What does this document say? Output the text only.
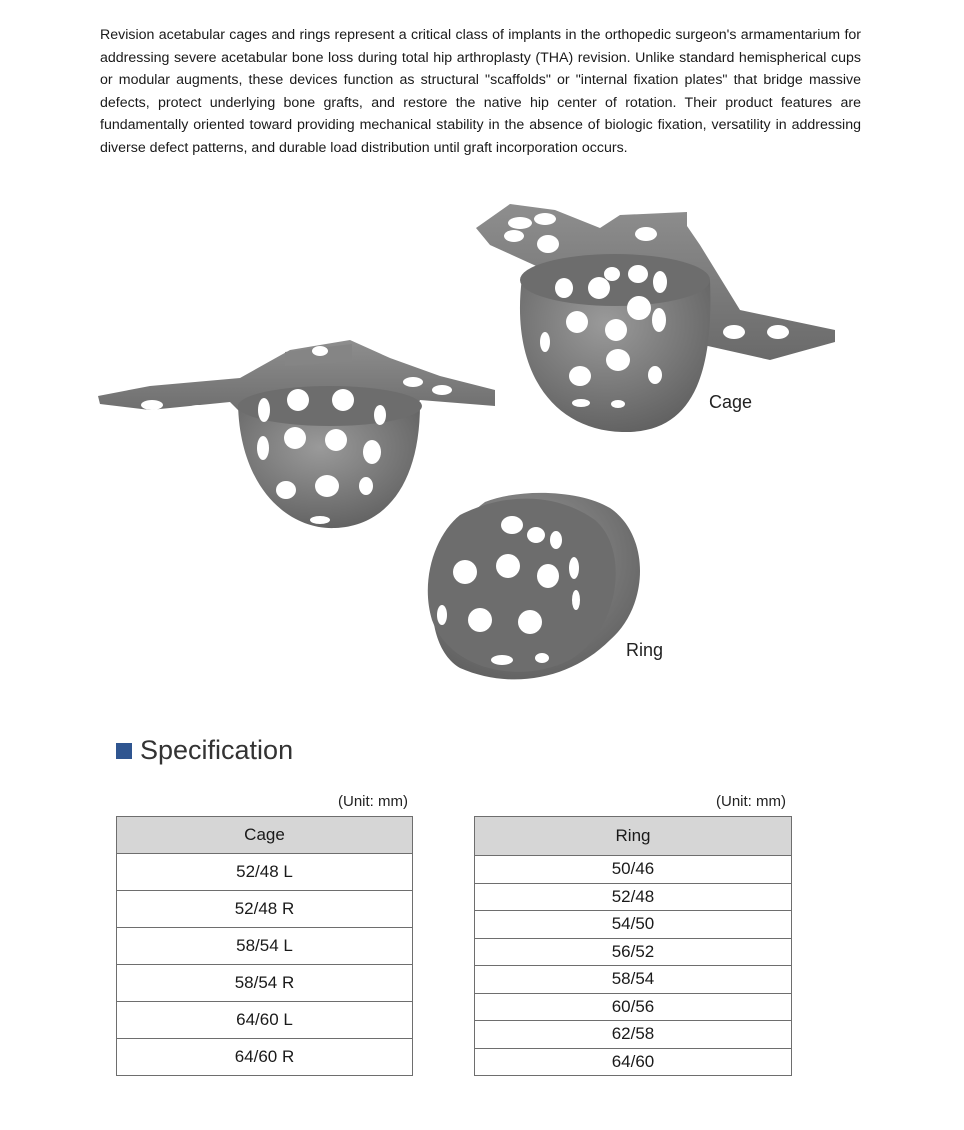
Revision acetabular cages and rings represent a critical class of implants in the orthopedic surgeon's armamentarium for addressing severe acetabular bone loss during total hip arthroplasty (THA) revision. Unlike standard hemispherical cups or modular augments, these devices function as structural "scaffolds" or "internal fixation plates" that bridge massive defects, protect underlying bone grafts, and restore the native hip center of rotation. Their product features are fundamentally oriented toward providing mechanical stability in the absence of biologic fixation, versatility in addressing diverse defect patterns, and durable load distribution until graft incorporation occurs.

Cage
Ring
Specification
(Unit: mm)	(Unit: mm)
Cage
52/48 L
52/48 R
58/54 L
58/54 R
64/60 L
64/60 R
Ring
50/46
52/48
54/50
56/52
58/54
60/56
62/58
64/60
